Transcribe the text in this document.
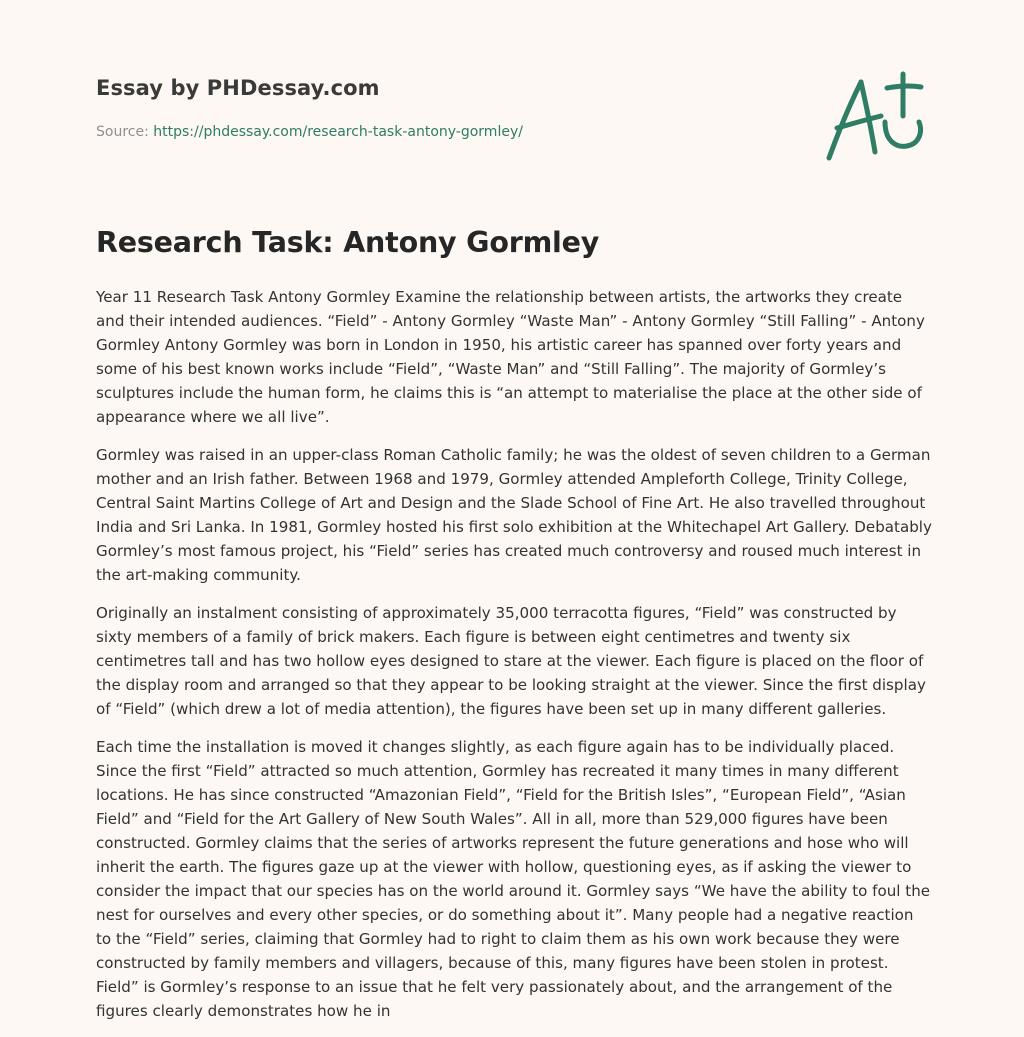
Essay by PHDessay.com
Source: https://phdessay.com/research-task-antony-gormley/
Research Task: Antony Gormley

Year 11 Research Task Antony Gormley Examine the relationship between artists, the artworks they create and their intended audiences. “Field” - Antony Gormley “Waste Man” - Antony Gormley “Still Falling” - Antony Gormley Antony Gormley was born in London in 1950, his artistic career has spanned over forty years and some of his best known works include “Field”, “Waste Man” and “Still Falling”. The majority of Gormley’s sculptures include the human form, he claims this is “an attempt to materialise the place at the other side of appearance where we all live”.

Gormley was raised in an upper-class Roman Catholic family; he was the oldest of seven children to a German mother and an Irish father. Between 1968 and 1979, Gormley attended Ampleforth College, Trinity College, Central Saint Martins College of Art and Design and the Slade School of Fine Art. He also travelled throughout India and Sri Lanka. In 1981, Gormley hosted his first solo exhibition at the Whitechapel Art Gallery. Debatably Gormley’s most famous project, his “Field” series has created much controversy and roused much interest in the art-making community.

Originally an instalment consisting of approximately 35,000 terracotta figures, “Field” was constructed by sixty members of a family of brick makers. Each figure is between eight centimetres and twenty six centimetres tall and has two hollow eyes designed to stare at the viewer. Each figure is placed on the floor of the display room and arranged so that they appear to be looking straight at the viewer. Since the first display of “Field” (which drew a lot of media attention), the figures have been set up in many different galleries.

Each time the installation is moved it changes slightly, as each figure again has to be individually placed. Since the first “Field” attracted so much attention, Gormley has recreated it many times in many different locations. He has since constructed “Amazonian Field”, “Field for the British Isles”, “European Field”, “Asian Field” and “Field for the Art Gallery of New South Wales”. All in all, more than 529,000 figures have been constructed. Gormley claims that the series of artworks represent the future generations and hose who will inherit the earth. The figures gaze up at the viewer with hollow, questioning eyes, as if asking the viewer to consider the impact that our species has on the world around it. Gormley says “We have the ability to foul the nest for ourselves and every other species, or do something about it”. Many people had a negative reaction to the “Field” series, claiming that Gormley had to right to claim them as his own work because they were constructed by family members and villagers, because of this, many figures have been stolen in protest. Field” is Gormley’s response to an issue that he felt very passionately about, and the arrangement of the figures clearly demonstrates how he in
